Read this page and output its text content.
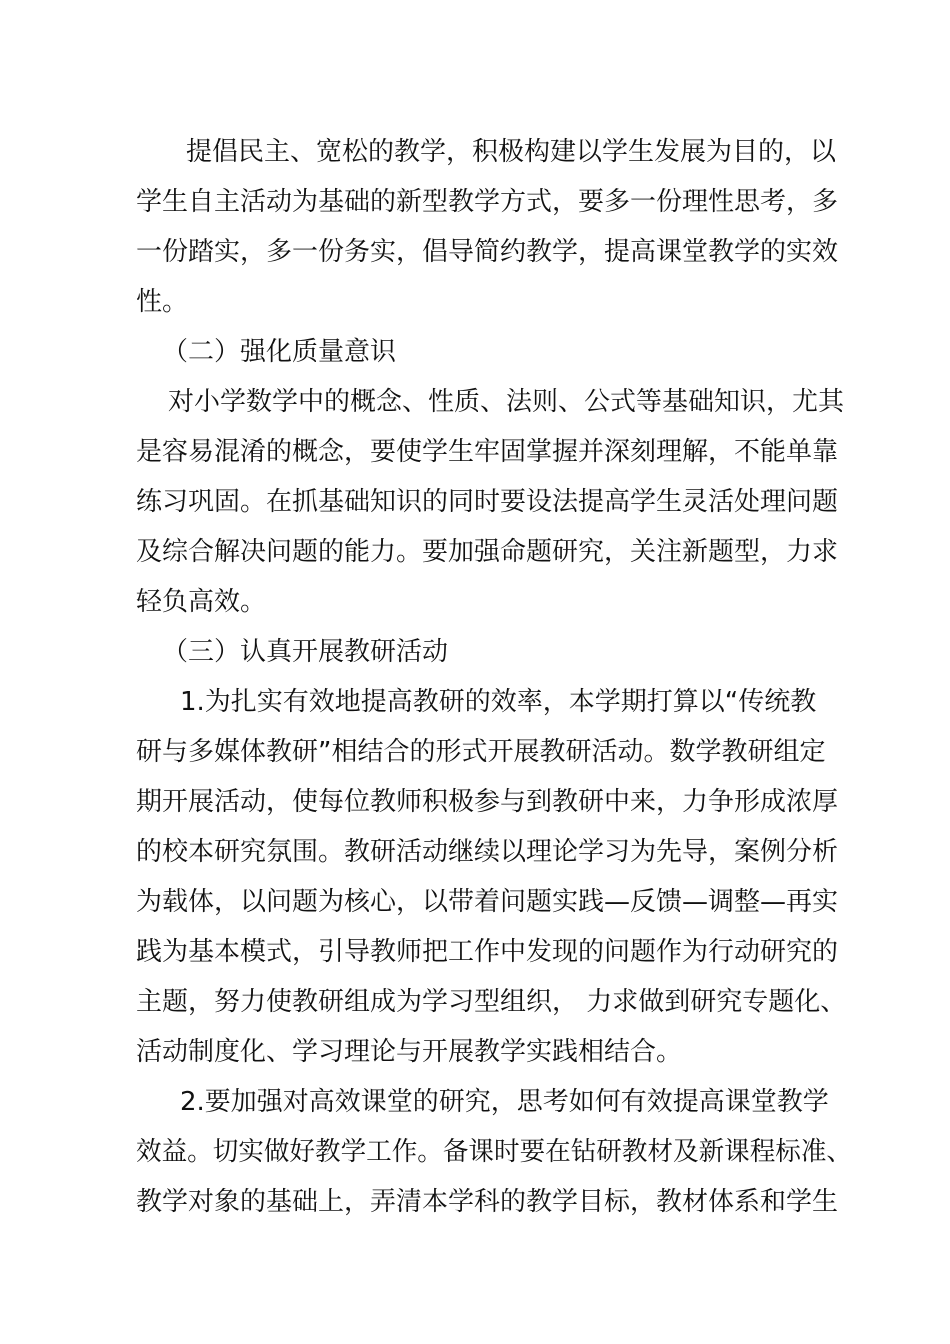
提倡民主、宽松的教学，积极构建以学生发展为目的，以
学生自主活动为基础的新型教学方式，要多一份理性思考，多
一份踏实，多一份务实，倡导简约教学，提高课堂教学的实效
性。
（二）强化质量意识
对小学数学中的概念、性质、法则、公式等基础知识，尤其
是容易混淆的概念，要使学生牢固掌握并深刻理解，不能单靠
练习巩固。在抓基础知识的同时要设法提高学生灵活处理问题
及综合解决问题的能力。要加强命题研究，关注新题型，力求
轻负高效。
（三）认真开展教研活动
1.为扎实有效地提高教研的效率，本学期打算以“传统教
研与多媒体教研”相结合的形式开展教研活动。数学教研组定
期开展活动，使每位教师积极参与到教研中来，力争形成浓厚
的校本研究氛围。教研活动继续以理论学习为先导，案例分析
为载体，以问题为核心，以带着问题实践—反馈—调整—再实
践为基本模式，引导教师把工作中发现的问题作为行动研究的
主题，努力使教研组成为学习型组织， 力求做到研究专题化、
活动制度化、学习理论与开展教学实践相结合。
2.要加强对高效课堂的研究，思考如何有效提高课堂教学
效益。切实做好教学工作。备课时要在钻研教材及新课程标准、
教学对象的基础上，弄清本学科的教学目标，教材体系和学生
